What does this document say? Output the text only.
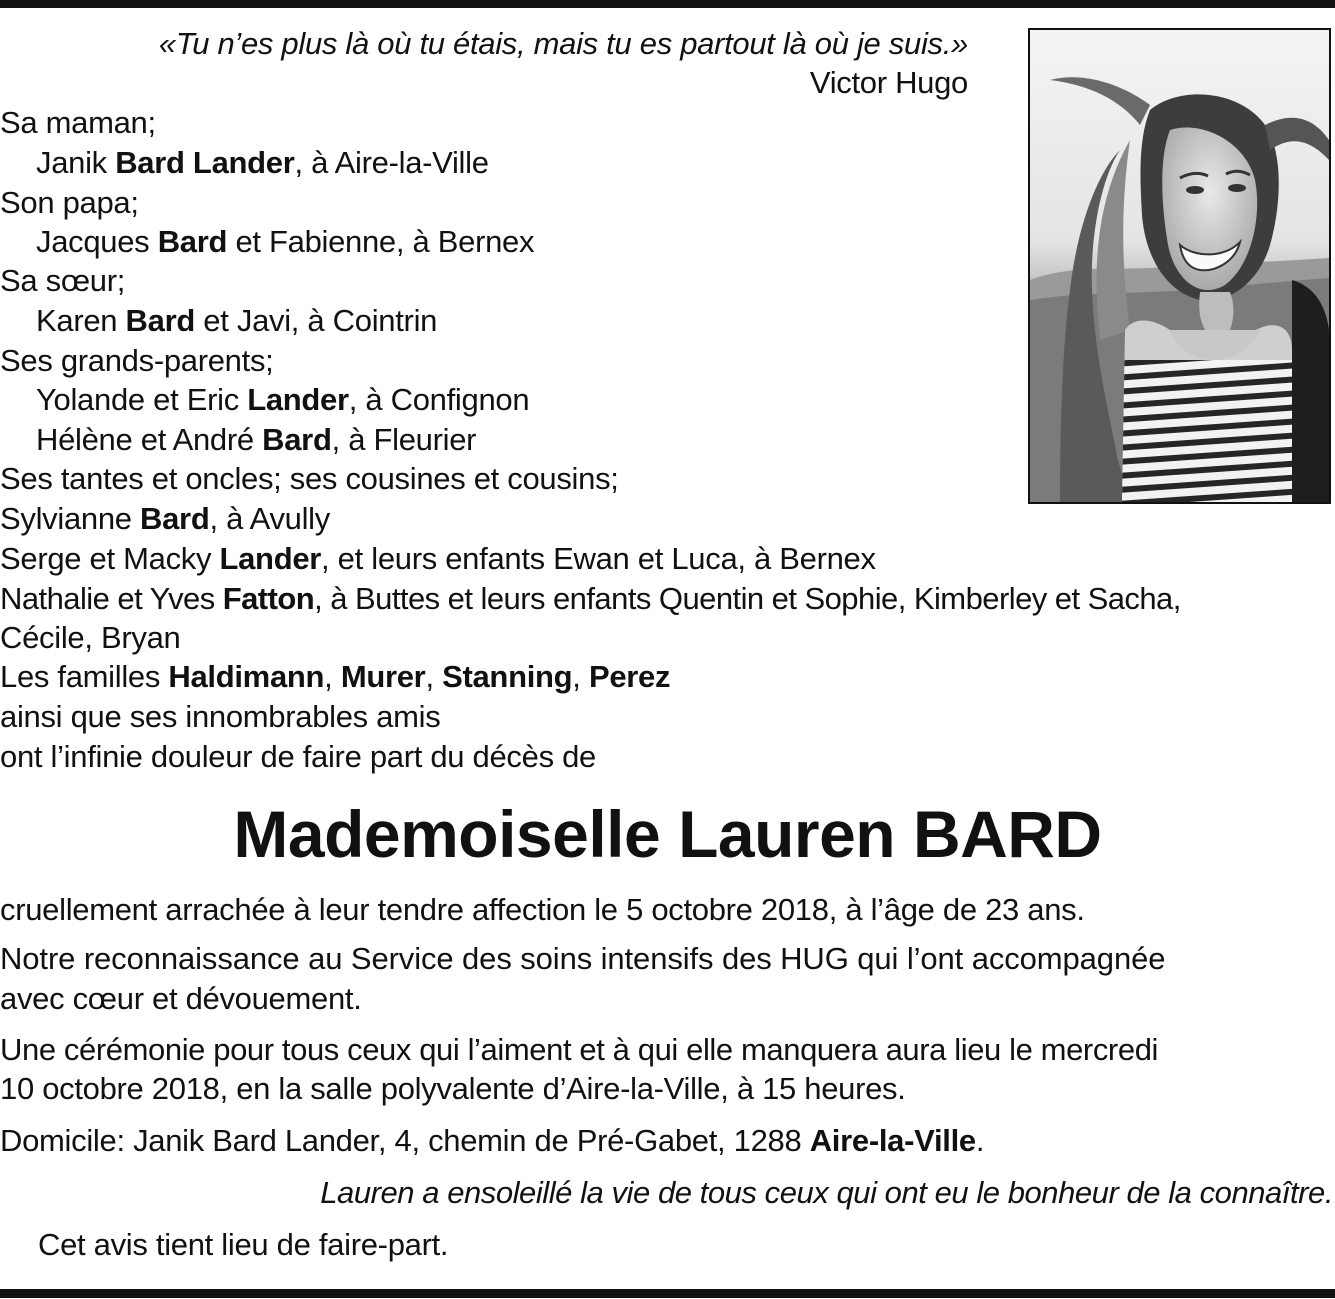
«Tu n’es plus là où tu étais, mais tu es partout là où je suis.»
Victor Hugo
Sa maman;
Janik Bard Lander, à Aire-la-Ville
Son papa;
Jacques Bard et Fabienne, à Bernex
Sa sœur;
Karen Bard et Javi, à Cointrin
Ses grands-parents;
Yolande et Eric Lander, à Confignon
Hélène et André Bard, à Fleurier
Ses tantes et oncles; ses cousines et cousins;
Sylvianne Bard, à Avully
Serge et Macky Lander, et leurs enfants Ewan et Luca, à Bernex
Nathalie et Yves Fatton, à Buttes et leurs enfants Quentin et Sophie, Kimberley et Sacha,
Cécile, Bryan
Les familles Haldimann, Murer, Stanning, Perez
ainsi que ses innombrables amis
ont l’infinie douleur de faire part du décès de
Mademoiselle Lauren BARD
cruellement arrachée à leur tendre affection le 5 octobre 2018, à l’âge de 23 ans.
Notre reconnaissance au Service des soins intensifs des HUG qui l’ont accompagnée
avec cœur et dévouement.
Une cérémonie pour tous ceux qui l’aiment et à qui elle manquera aura lieu le mercredi
10 octobre 2018, en la salle polyvalente d’Aire-la-Ville, à 15 heures.
Domicile: Janik Bard Lander, 4, chemin de Pré-Gabet, 1288 Aire-la-Ville.
Lauren a ensoleillé la vie de tous ceux qui ont eu le bonheur de la connaître.
Cet avis tient lieu de faire-part.
